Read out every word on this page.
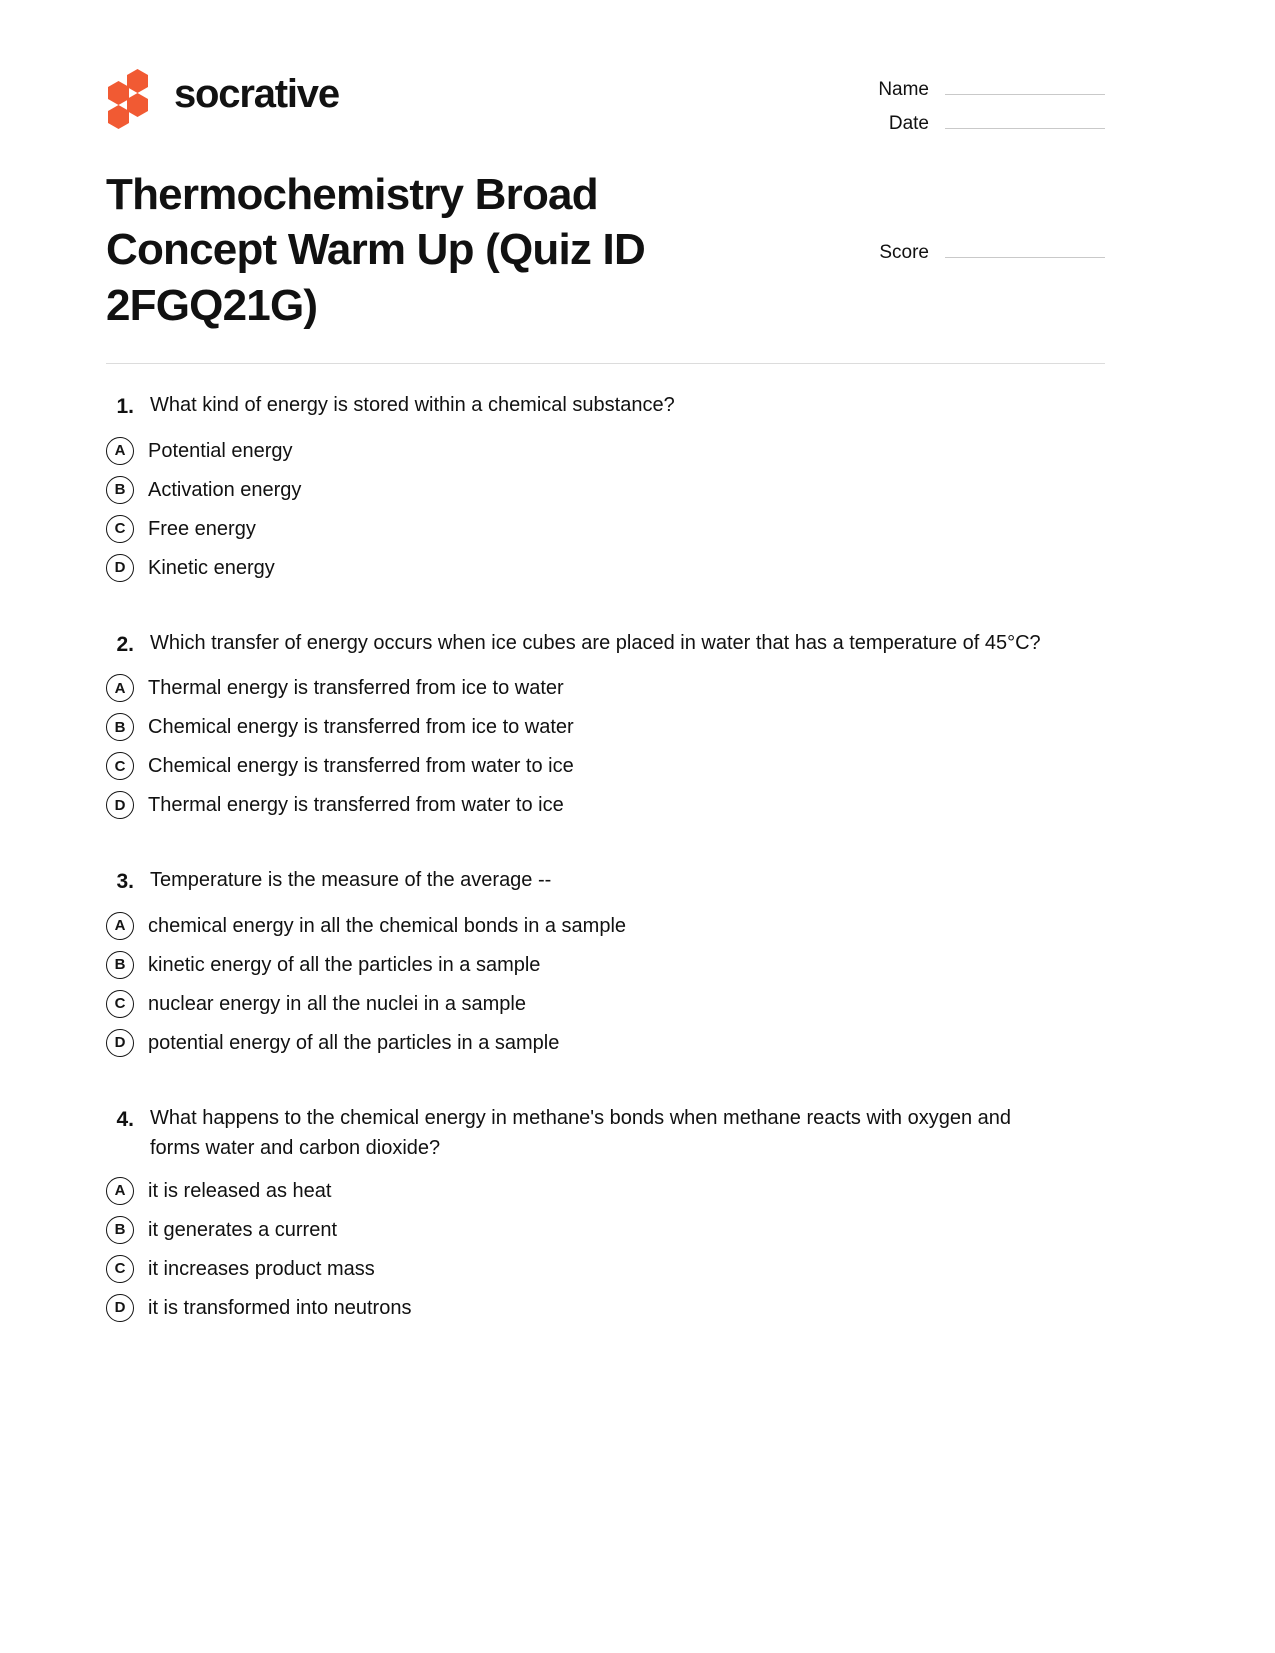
socrative	Name
Date
Thermochemistry Broad Concept Warm Up (Quiz ID 2FGQ21G)
Score
1. What kind of energy is stored within a chemical substance?
A	Potential energy
B	Activation energy
C	Free energy
D	Kinetic energy
2. Which transfer of energy occurs when ice cubes are placed in water that has a temperature of 45°C?
A	Thermal energy is transferred from ice to water
B	Chemical energy is transferred from ice to water
C	Chemical energy is transferred from water to ice
D	Thermal energy is transferred from water to ice
3. Temperature is the measure of the average --
A	chemical energy in all the chemical bonds in a sample
B	kinetic energy of all the particles in a sample
C	nuclear energy in all the nuclei in a sample
D	potential energy of all the particles in a sample
4. What happens to the chemical energy in methane's bonds when methane reacts with oxygen and forms water and carbon dioxide?
A	it is released as heat
B	it generates a current
C	it increases product mass
D	it is transformed into neutrons
